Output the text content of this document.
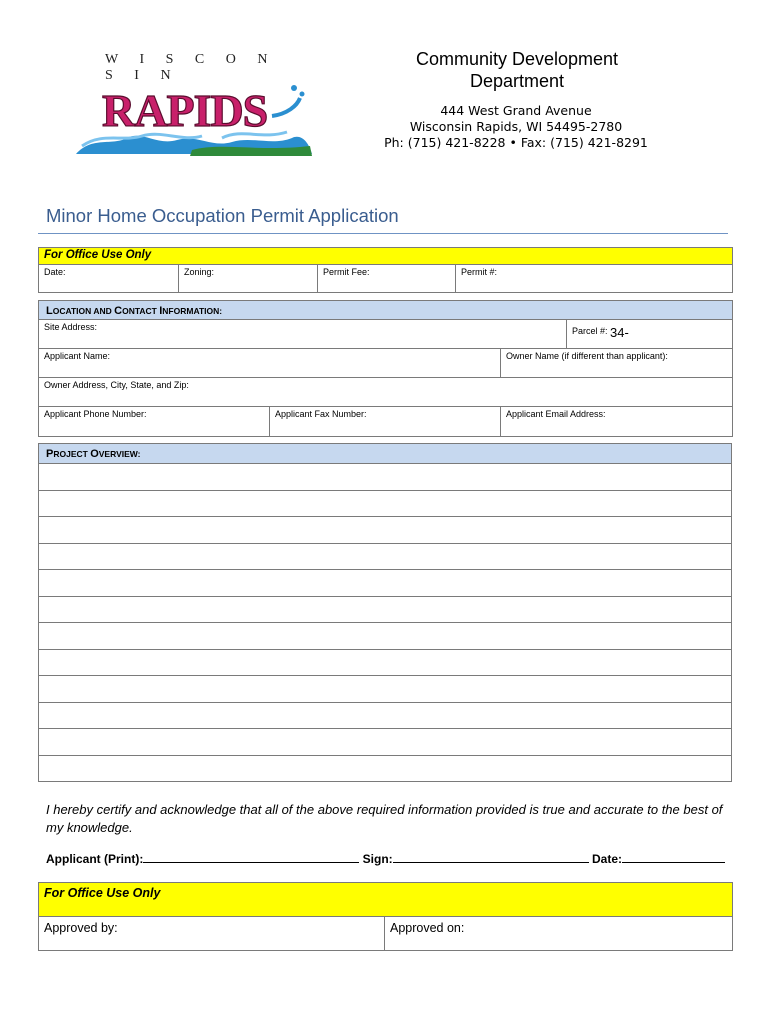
W I S C O N S I N
RAPIDS
Community Development Department
444 West Grand Avenue
Wisconsin Rapids, WI 54495-2780
Ph: (715) 421-8228 • Fax: (715) 421-8291
Minor Home Occupation Permit Application
For Office Use Only
Date:	Zoning:	Permit Fee:	Permit #:
LOCATION AND CONTACT INFORMATION:			
Site Address:			Parcel #: 34-
Applicant Name:		Owner Name (if different than applicant):	
Owner Address, City, State, and Zip:			
Applicant Phone Number:	Applicant Fax Number:	Applicant Email Address:	
PROJECT OVERVIEW:

I hereby certify and acknowledge that all of the above required information provided is true and accurate to the best of my knowledge.
Applicant (Print):	Sign:	Date:
For Office Use Only
Approved by:	Approved on:
